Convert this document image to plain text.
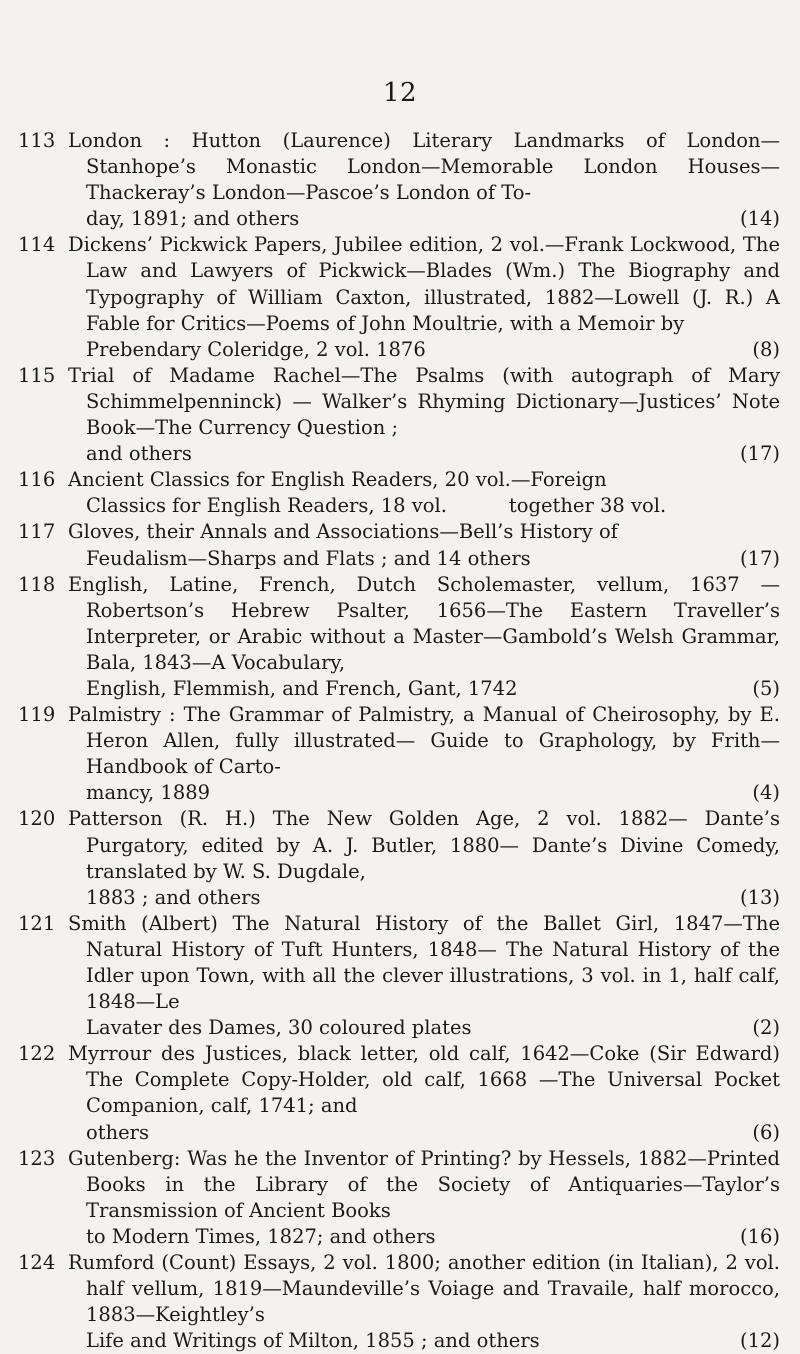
12
113 London : Hutton (Laurence) Literary Landmarks of London—Stanhope’s Monastic London—Memorable London Houses—Thackeray’s London—Pascoe’s London of To-
day, 1891; and others	(14)
114 Dickens’ Pickwick Papers, Jubilee edition, 2 vol.—Frank Lockwood, The Law and Lawyers of Pickwick—Blades (Wm.) The Biography and Typography of William Caxton, illustrated, 1882—Lowell (J. R.) A Fable for Critics—Poems of John Moultrie, with a Memoir by
Prebendary Coleridge, 2 vol. 1876	(8)
115 Trial of Madame Rachel—The Psalms (with autograph of Mary Schimmelpenninck) — Walker’s Rhyming Dictionary—Justices’ Note Book—The Currency Question ;
and others	(17)
116 Ancient Classics for English Readers, 20 vol.—Foreign
Classics for English Readers, 18 vol.          together 38 vol.
117 Gloves, their Annals and Associations—Bell’s History of
Feudalism—Sharps and Flats ; and 14 others	(17)
118 English, Latine, French, Dutch Scholemaster, vellum, 1637 —Robertson’s Hebrew Psalter, 1656—The Eastern Traveller’s Interpreter, or Arabic without a Master—Gambold’s Welsh Grammar, Bala, 1843—A Vocabulary,
English, Flemmish, and French, Gant, 1742	(5)
119 Palmistry : The Grammar of Palmistry, a Manual of Cheirosophy, by E. Heron Allen, fully illustrated— Guide to Graphology, by Frith—Handbook of Carto-
mancy, 1889	(4)
120 Patterson (R. H.) The New Golden Age, 2 vol. 1882— Dante’s Purgatory, edited by A. J. Butler, 1880— Dante’s Divine Comedy, translated by W. S. Dugdale,
1883 ; and others	(13)
121 Smith (Albert) The Natural History of the Ballet Girl, 1847—The Natural History of Tuft Hunters, 1848— The Natural History of the Idler upon Town, with all the clever illustrations, 3 vol. in 1, half calf, 1848—Le
Lavater des Dames, 30 coloured plates	(2)
122 Myrrour des Justices, black letter, old calf, 1642—Coke (Sir Edward) The Complete Copy-Holder, old calf, 1668 —The Universal Pocket Companion, calf, 1741; and
others	(6)
123 Gutenberg: Was he the Inventor of Printing? by Hessels, 1882—Printed Books in the Library of the Society of Antiquaries—Taylor’s Transmission of Ancient Books
to Modern Times, 1827; and others	(16)
124 Rumford (Count) Essays, 2 vol. 1800; another edition (in Italian), 2 vol. half vellum, 1819—Maundeville’s Voiage and Travaile, half morocco, 1883—Keightley’s
Life and Writings of Milton, 1855 ; and others	(12)
